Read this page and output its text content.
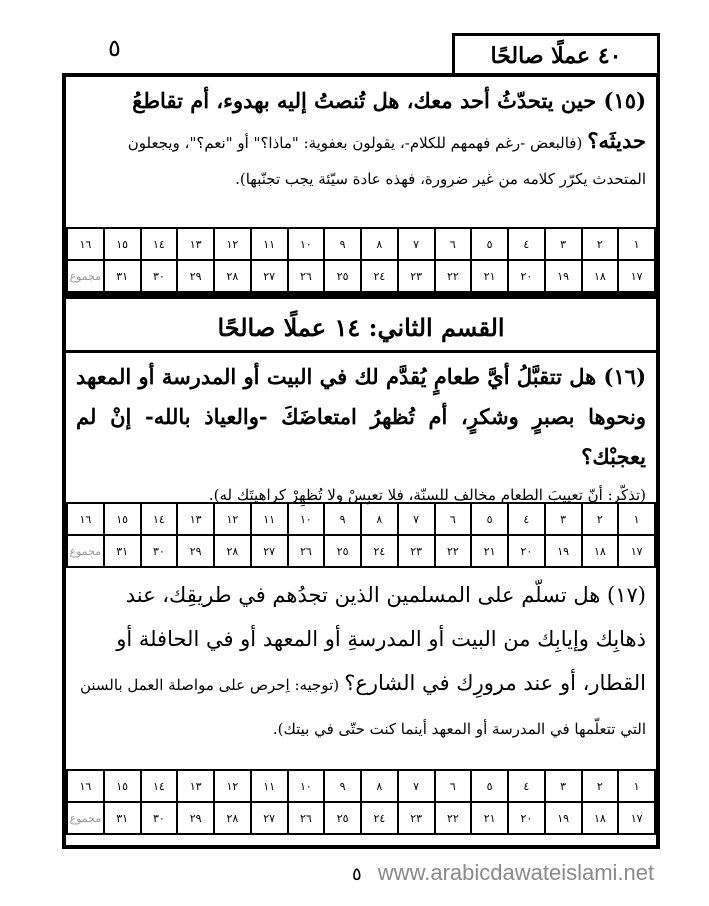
٥	٤٠ عملًا صالحًا
(١٥) حين يتحدّثُ أحد معك، هل تُنصتُ إليه بهدوء، أم تقاطعُ حديثَه؟ (فالبعض -رغم فهمهم للكلام-، يقولون بعفوية: "ماذا؟" أو "نعم؟"، ويجعلون المتحدث يكرّر كلامه من غير ضرورة، فهذه عادة سيّئة يجب تجنّبها).
١	٢	٣	٤	٥	٦	٧	٨	٩	١٠	١١	١٢	١٣	١٤	١٥	١٦
١٧	١٨	١٩	٢٠	٢١	٢٢	٢٣	٢٤	٢٥	٢٦	٢٧	٢٨	٢٩	٣٠	٣١	مجموع
القسم الثاني: ١٤ عملًا صالحًا
(١٦) هل تتقبَّلُ أيَّ طعامٍ يُقدَّم لك في البيت أو المدرسة أو المعهد ونحوها بصبرٍ وشكرٍ، أم تُظهرُ امتعاضَكَ -والعياذ بالله- إنْ لم يعجبْك؟
(تذكّر: أنّ تعييبَ الطعام مخالف للسنّة، فلا تعبِسْ ولا تُظهِرْ كراهيتَك له).
١	٢	٣	٤	٥	٦	٧	٨	٩	١٠	١١	١٢	١٣	١٤	١٥	١٦
١٧	١٨	١٩	٢٠	٢١	٢٢	٢٣	٢٤	٢٥	٢٦	٢٧	٢٨	٢٩	٣٠	٣١	مجموع
(١٧) هل تسلّم على المسلمين الذين تجدُهم في طريقِك، عند ذهابِك وإيابِك من البيت أو المدرسةِ أو المعهد أو في الحافلة أو القطار، أو عند مرورِك في الشارع؟ (توجيه: اِحرص على مواصلة العمل بالسنن التي تتعلّمها في المدرسة أو المعهد أينما كنت حتّى في بيتك).
١	٢	٣	٤	٥	٦	٧	٨	٩	١٠	١١	١٢	١٣	١٤	١٥	١٦
١٧	١٨	١٩	٢٠	٢١	٢٢	٢٣	٢٤	٢٥	٢٦	٢٧	٢٨	٢٩	٣٠	٣١	مجموع
٥ www.arabicdawateislami.net
